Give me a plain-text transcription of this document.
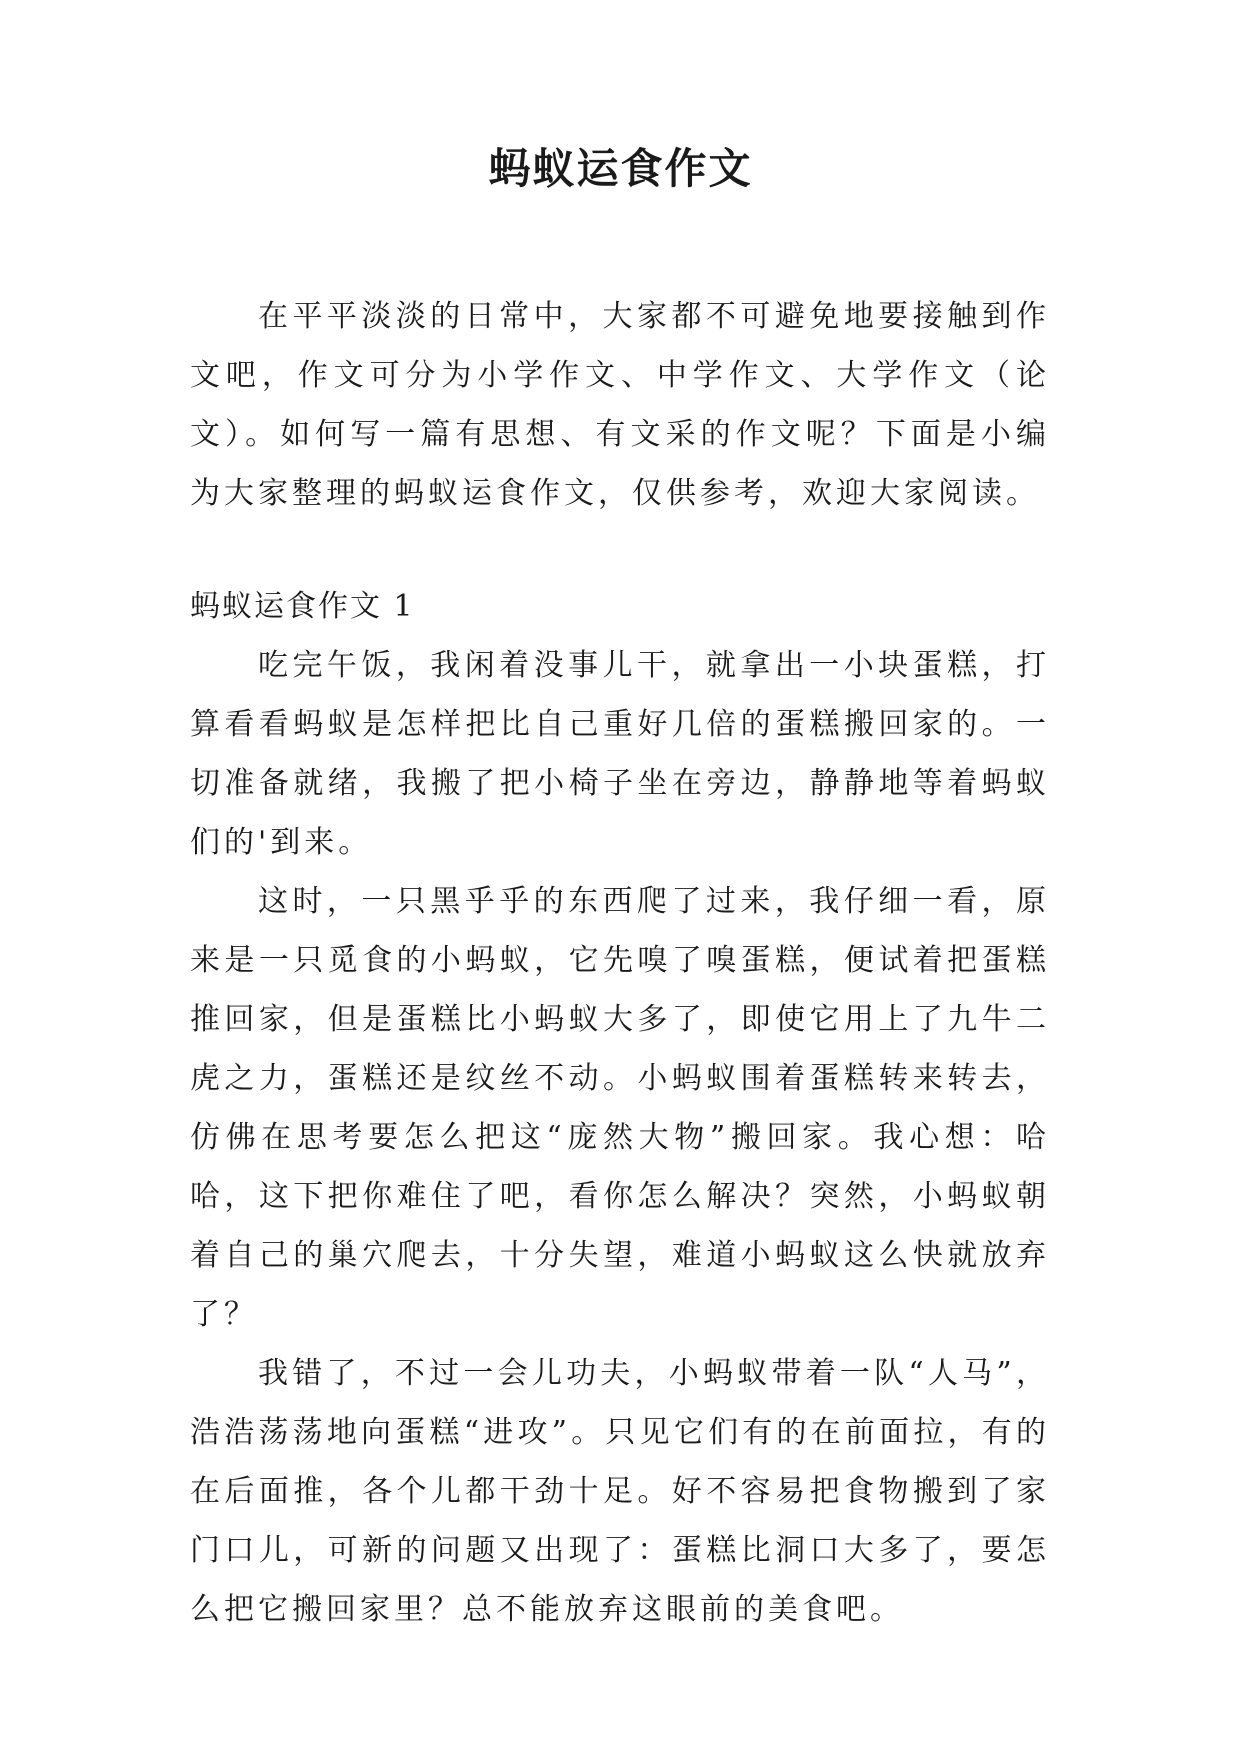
蚂蚁运食作文

在平平淡淡的日常中，大家都不可避免地要接触到作文吧，作文可分为小学作文、中学作文、大学作文（论文）。如何写一篇有思想、有文采的作文呢？下面是小编为大家整理的蚂蚁运食作文，仅供参考，欢迎大家阅读。

蚂蚁运食作文 1

吃完午饭，我闲着没事儿干，就拿出一小块蛋糕，打算看看蚂蚁是怎样把比自己重好几倍的蛋糕搬回家的。一切准备就绪，我搬了把小椅子坐在旁边，静静地等着蚂蚁们的'到来。

这时，一只黑乎乎的东西爬了过来，我仔细一看，原来是一只觅食的小蚂蚁，它先嗅了嗅蛋糕，便试着把蛋糕推回家，但是蛋糕比小蚂蚁大多了，即使它用上了九牛二虎之力，蛋糕还是纹丝不动。小蚂蚁围着蛋糕转来转去，仿佛在思考要怎么把这“庞然大物”搬回家。我心想：哈哈，这下把你难住了吧，看你怎么解决？突然，小蚂蚁朝着自己的巢穴爬去，十分失望，难道小蚂蚁这么快就放弃了？

我错了，不过一会儿功夫，小蚂蚁带着一队“人马”，浩浩荡荡地向蛋糕“进攻”。只见它们有的在前面拉，有的在后面推，各个儿都干劲十足。好不容易把食物搬到了家门口儿，可新的问题又出现了：蛋糕比洞口大多了，要怎么把它搬回家里？总不能放弃这眼前的美食吧。
